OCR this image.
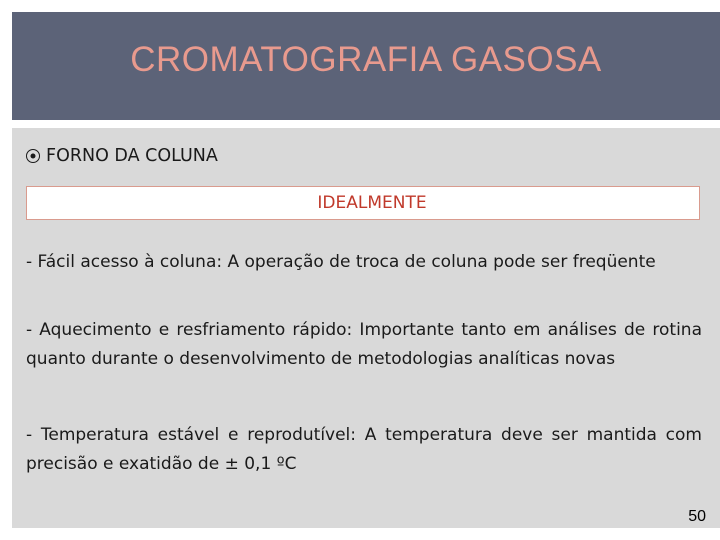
CROMATOGRAFIA GASOSA
FORNO DA COLUNA
IDEALMENTE
- Fácil acesso à coluna: A operação de troca de coluna pode ser freqüente
- Aquecimento e resfriamento rápido: Importante tanto em análises de rotina quanto durante o desenvolvimento de metodologias analíticas novas
- Temperatura estável e reprodutível: A temperatura deve ser mantida com precisão e exatidão de ± 0,1 ºC
50
